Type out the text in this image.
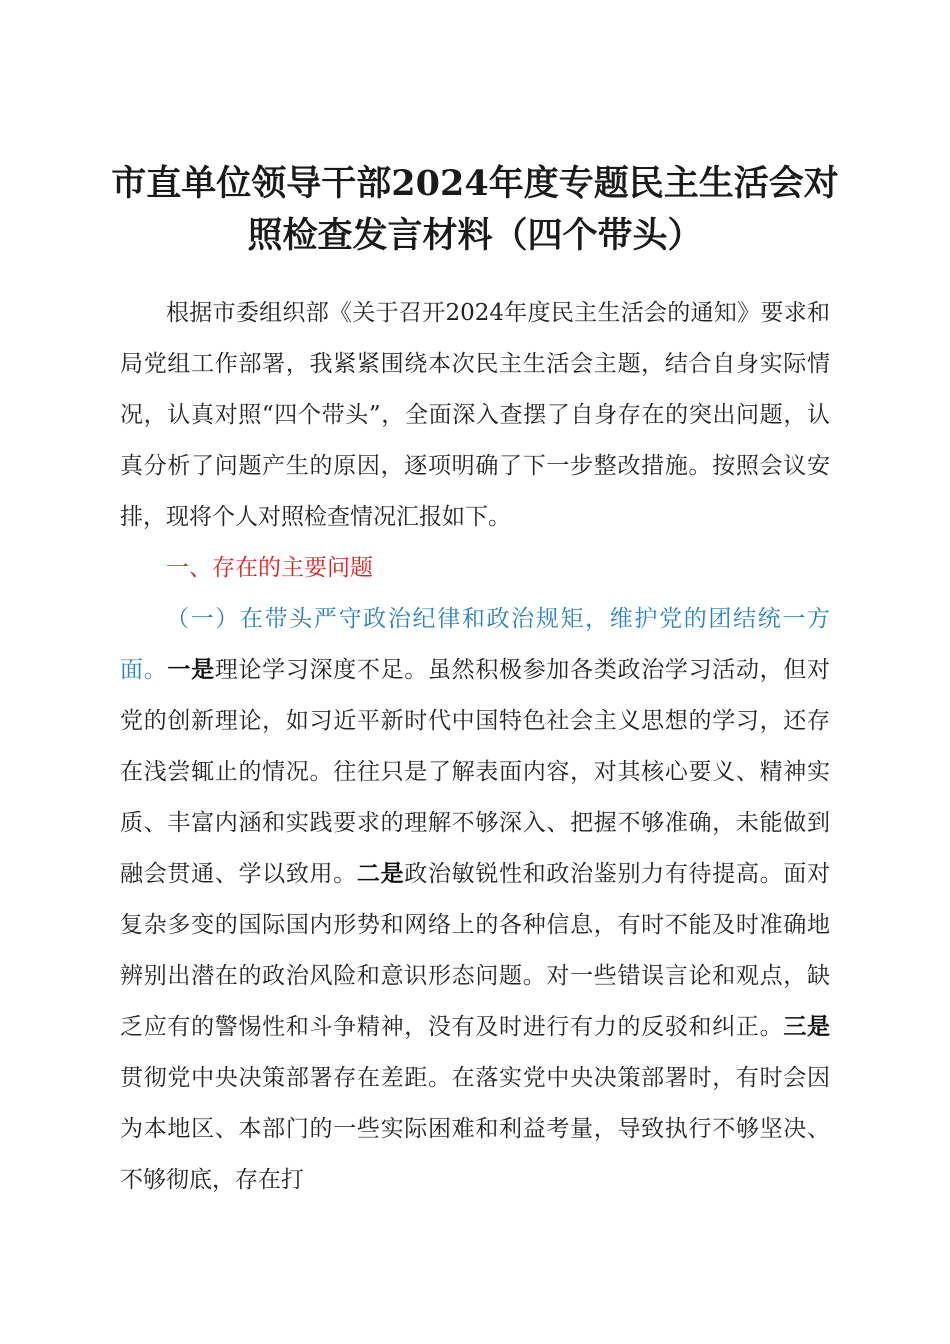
市直单位领导干部2024年度专题民主生活会对
照检查发言材料（四个带头）

根据市委组织部《关于召开2024年度民主生活会的通知》要求和局党组工作部署，我紧紧围绕本次民主生活会主题，结合自身实际情况，认真对照“四个带头”，全面深入查摆了自身存在的突出问题，认真分析了问题产生的原因，逐项明确了下一步整改措施。按照会议安排，现将个人对照检查情况汇报如下。

一、存在的主要问题

（一）在带头严守政治纪律和政治规矩，维护党的团结统一方面。一是理论学习深度不足。虽然积极参加各类政治学习活动，但对党的创新理论，如习近平新时代中国特色社会主义思想的学习，还存在浅尝辄止的情况。往往只是了解表面内容，对其核心要义、精神实质、丰富内涵和实践要求的理解不够深入、把握不够准确，未能做到融会贯通、学以致用。二是政治敏锐性和政治鉴别力有待提高。面对复杂多变的国际国内形势和网络上的各种信息，有时不能及时准确地辨别出潜在的政治风险和意识形态问题。对一些错误言论和观点，缺乏应有的警惕性和斗争精神，没有及时进行有力的反驳和纠正。三是贯彻党中央决策部署存在差距。在落实党中央决策部署时，有时会因为本地区、本部门的一些实际困难和利益考量，导致执行不够坚决、不够彻底，存在打
